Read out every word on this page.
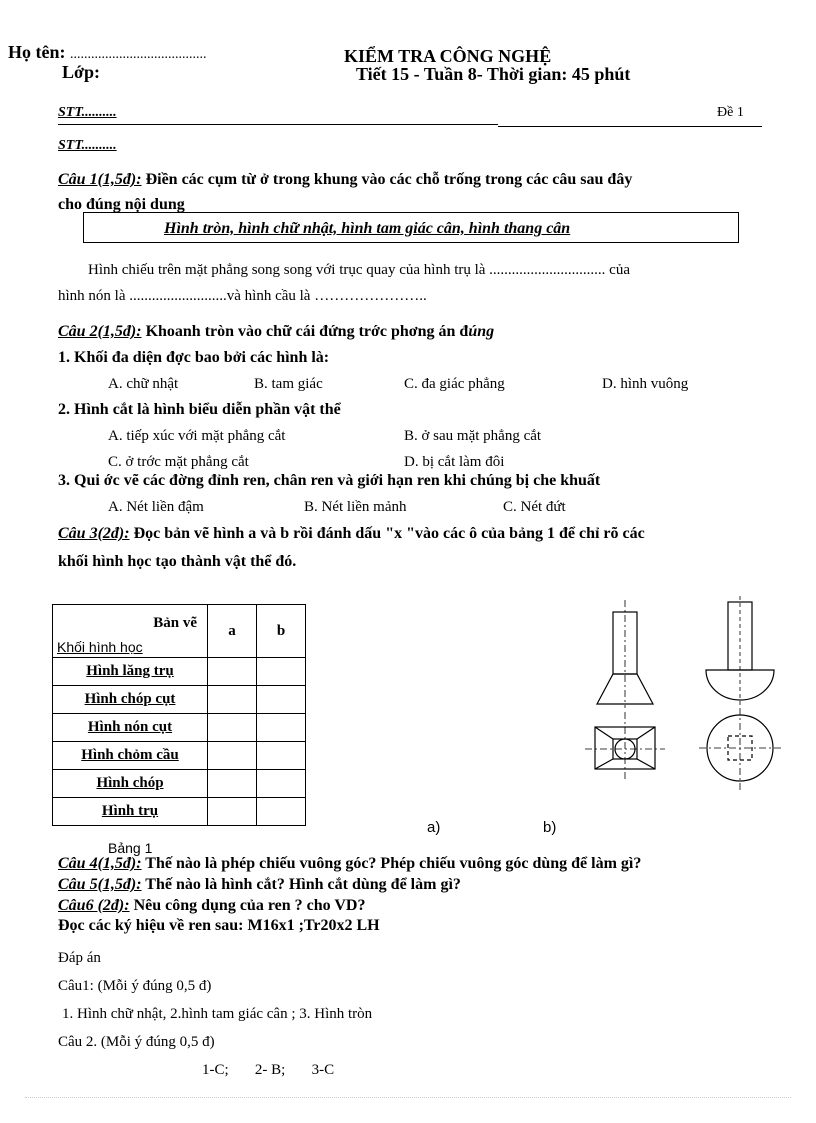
Họ tên: .......................................
Lớp:
KIỂM TRA CÔNG NGHỆ
Tiết 15 - Tuần 8- Thời gian: 45 phút
STT..........	Đề 1
STT..........
Câu 1(1,5đ): Điền các cụm từ ở trong khung vào các chỗ trống trong các câu sau đây
cho đúng nội dung
Hình tròn, hình chữ nhật, hình tam giác cân, hình thang cân
Hình chiếu trên mặt phẳng song song với trục quay của hình trụ là ............................... của
hình nón là ..........................và hình cầu là …………………..
Câu 2(1,5đ): Khoanh tròn vào chữ cái đứng trớc phơng án đúng
1. Khối đa diện đợc bao bởi các hình là:
A. chữ nhật	B. tam giác	C. đa giác phẳng	D. hình vuông
2. Hình cắt là hình biểu diễn phần vật thể
A. tiếp xúc với mặt phẳng cắt	B. ở sau mặt phẳng cắt
C. ở trớc mặt phẳng cắt	D. bị cắt làm đôi
3. Qui ớc vẽ các đờng đỉnh ren, chân ren và giới hạn ren khi chúng bị che khuất
A. Nét liền đậm	B. Nét liền mảnh	C. Nét đứt
Câu 3(2đ): Đọc bản vẽ hình a và b rồi đánh dấu "x "vào các ô của bảng 1 để chỉ rõ các
khối hình học tạo thành vật thể đó.
Bản vẽ
Khối hình học	a	b
Hình lăng trụ		
Hình chóp cụt		
Hình nón cụt		
Hình chỏm cầu		
Hình chóp		
Hình trụ		
Bảng 1
a)	b)
Câu 4(1,5đ): Thế nào là phép chiếu vuông góc? Phép chiếu vuông góc dùng để làm gì?
Câu 5(1,5đ): Thế nào là hình cắt? Hình cắt dùng để làm gì?
Câu6 (2đ): Nêu công dụng của ren ? cho VD?
Đọc các ký hiệu về ren sau: M16x1 ;Tr20x2 LH
Đáp án
Câu1: (Mỗi ý đúng 0,5 đ)
1. Hình chữ nhật, 2.hình tam giác cân ; 3. Hình tròn
Câu 2. (Mỗi ý đúng 0,5 đ)
1-C;       2- B;       3-C
